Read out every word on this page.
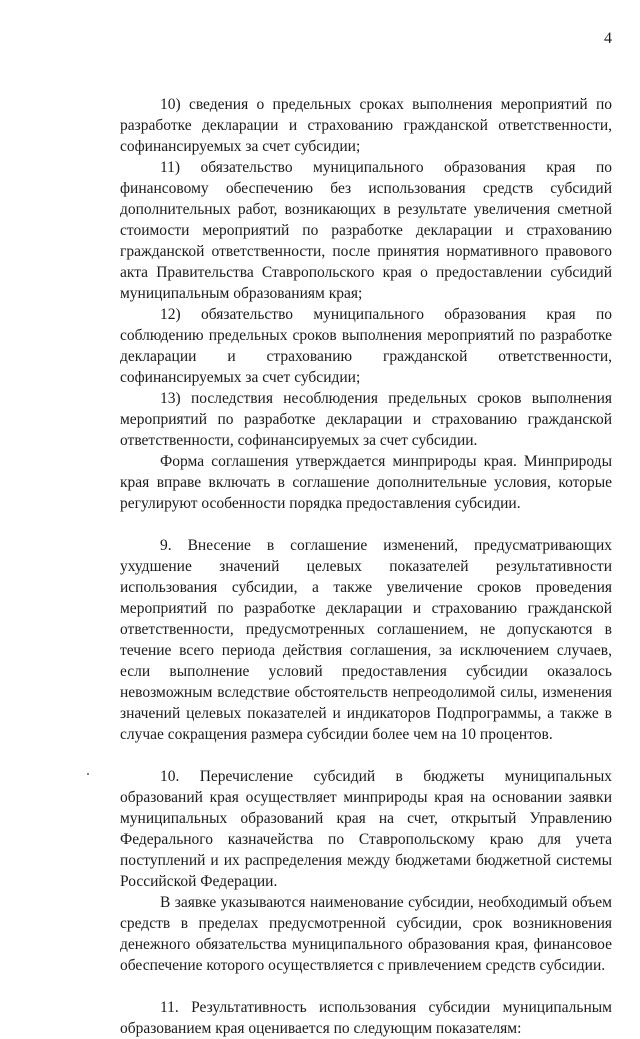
4

10) сведения о предельных сроках выполнения мероприятий по разработке декларации и страхованию гражданской ответственности, софинансируемых за счет субсидии;

11) обязательство муниципального образования края по финансовому обеспечению без использования средств субсидий дополнительных работ, возникающих в результате увеличения сметной стоимости мероприятий по разработке декларации и страхованию гражданской ответственности, после принятия нормативного правового акта Правительства Ставропольского края о предоставлении субсидий муниципальным образованиям края;

12) обязательство муниципального образования края по соблюдению предельных сроков выполнения мероприятий по разработке декларации и страхованию гражданской ответственности, софинансируемых за счет субсидии;

13) последствия несоблюдения предельных сроков выполнения мероприятий по разработке декларации и страхованию гражданской ответственности, софинансируемых за счет субсидии.

Форма соглашения утверждается минприроды края. Минприроды края вправе включать в соглашение дополнительные условия, которые регулируют особенности порядка предоставления субсидии.

9. Внесение в соглашение изменений, предусматривающих ухудшение значений целевых показателей результативности использования субсидии, а также увеличение сроков проведения мероприятий по разработке декларации и страхованию гражданской ответственности, предусмотренных соглашением, не допускаются в течение всего периода действия соглашения, за исключением случаев, если выполнение условий предоставления субсидии оказалось невозможным вследствие обстоятельств непреодолимой силы, изменения значений целевых показателей и индикаторов Подпрограммы, а также в случае сокращения размера субсидии более чем на 10 процентов.

10. Перечисление субсидий в бюджеты муниципальных образований края осуществляет минприроды края на основании заявки муниципальных образований края на счет, открытый Управлению Федерального казначейства по Ставропольскому краю для учета поступлений и их распределения между бюджетами бюджетной системы Российской Федерации.

В заявке указываются наименование субсидии, необходимый объем средств в пределах предусмотренной субсидии, срок возникновения денежного обязательства муниципального образования края, финансовое обеспечение которого осуществляется с привлечением средств субсидии.

11. Результативность использования субсидии муниципальным образованием края оценивается по следующим показателям:
